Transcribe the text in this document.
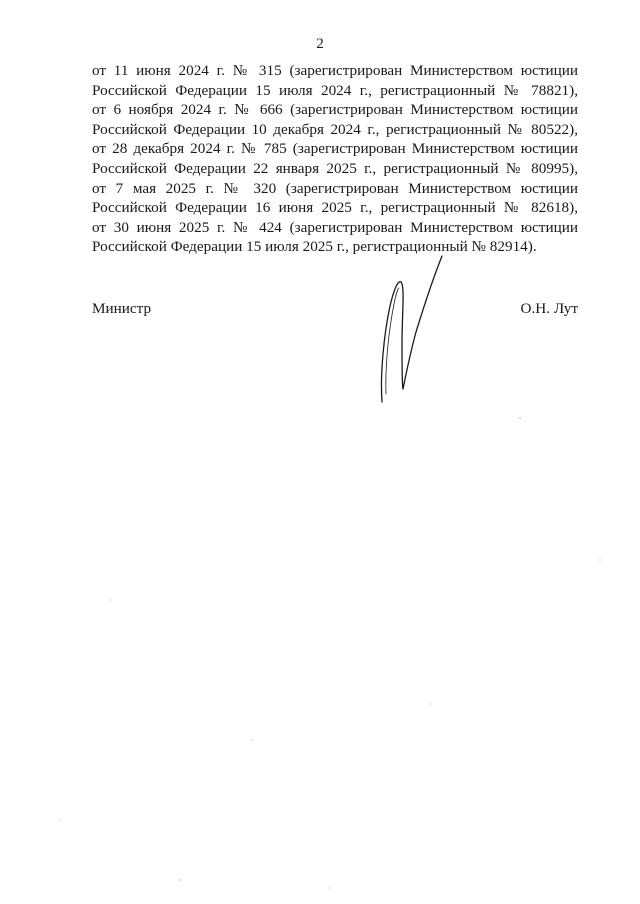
2
от 11 июня 2024 г. № 315 (зарегистрирован Министерством юстиции
Российской Федерации 15 июля 2024 г., регистрационный № 78821),
от 6 ноября 2024 г. № 666 (зарегистрирован Министерством юстиции
Российской Федерации 10 декабря 2024 г., регистрационный № 80522),
от 28 декабря 2024 г. № 785 (зарегистрирован Министерством юстиции
Российской Федерации 22 января 2025 г., регистрационный № 80995),
от 7 мая 2025 г. № 320 (зарегистрирован Министерством юстиции
Российской Федерации 16 июня 2025 г., регистрационный № 82618),
от 30 июня 2025 г. № 424 (зарегистрирован Министерством юстиции
Российской Федерации 15 июля 2025 г., регистрационный № 82914).
Министр	О.Н. Лут
